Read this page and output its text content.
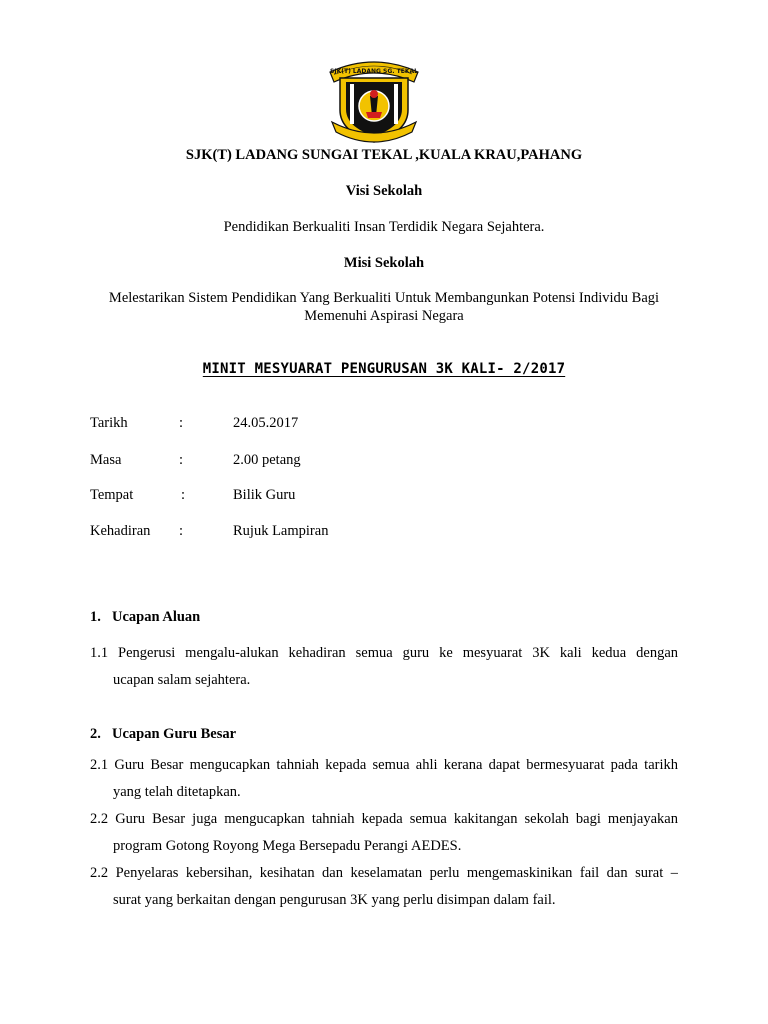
SJK(T) LADANG SG. TEKAL
SJK(T) LADANG SUNGAI TEKAL ,KUALA KRAU,PAHANG
Visi Sekolah
Pendidikan Berkualiti Insan Terdidik Negara Sejahtera.
Misi Sekolah
Melestarikan Sistem Pendidikan Yang Berkualiti Untuk Membangunkan Potensi Individu Bagi
Memenuhi Aspirasi Negara
MINIT MESYUARAT PENGURUSAN 3K KALI- 2/2017
Tarikh	:	24.05.2017
Masa	:	2.00 petang
Tempat	:	Bilik Guru
Kehadiran :	Rujuk Lampiran
1. Ucapan Aluan
1.1 Pengerusi mengalu-alukan kehadiran semua guru ke mesyuarat 3K kali kedua dengan
ucapan salam sejahtera.
2. Ucapan Guru Besar
2.1 Guru Besar mengucapkan tahniah kepada semua ahli kerana dapat bermesyuarat pada tarikh
yang telah ditetapkan.
2.2 Guru Besar juga mengucapkan tahniah kepada semua kakitangan sekolah bagi menjayakan
program Gotong Royong Mega Bersepadu Perangi AEDES.
2.2 Penyelaras kebersihan, kesihatan dan keselamatan perlu mengemaskinikan fail dan surat –
surat yang berkaitan dengan pengurusan 3K yang perlu disimpan dalam fail.
